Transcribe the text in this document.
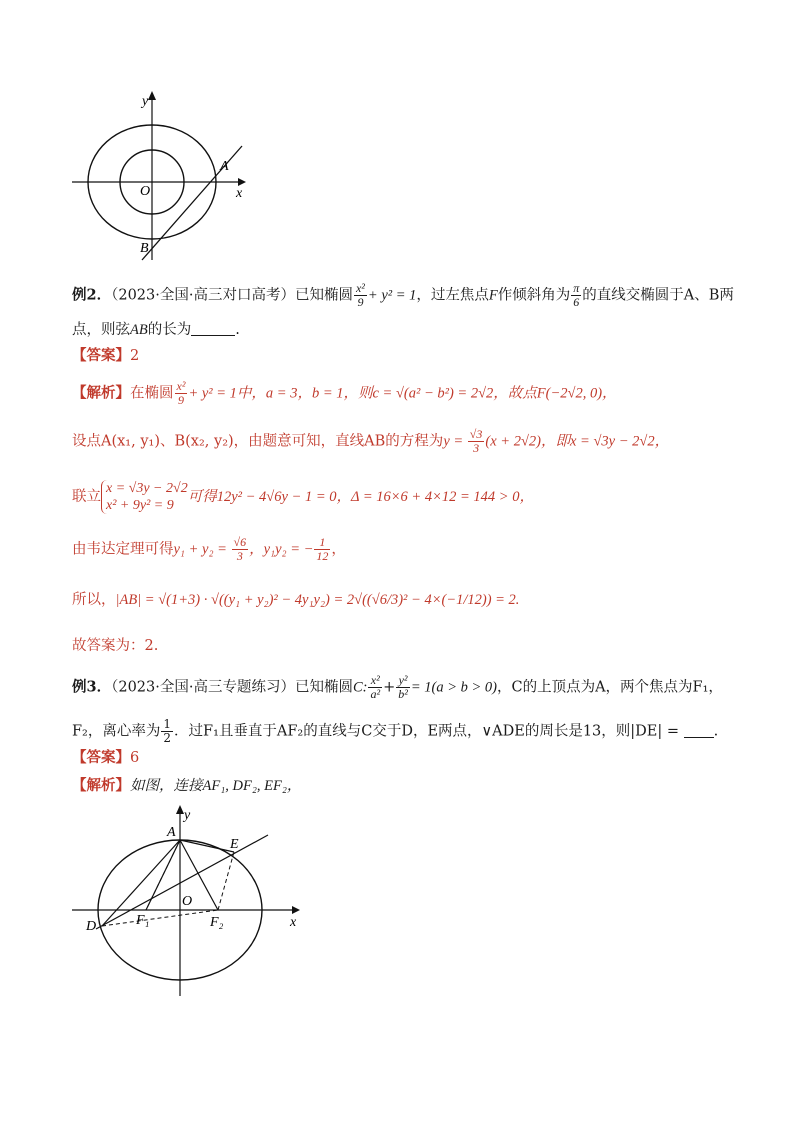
y
O	x
A
B
例2．（2023·全国·高三对口高考）已知椭圆 $\frac{\text{x²}}{9} + y^2 = 1$，过左焦点F作倾斜角为 $\frac{\pi}{6}$ 的直线交椭圆于A、B两
点，则弦AB的长为	.
【答案】2
【解析】在椭圆 $\frac{\text{x²}}{9} + y^2 = 1$中，a = 3，b = 1，则c = √(a² − b²) = 2√2，故点F(−2√2, 0)，
设点A(x₁, y₁)、B(x₂, y₂)，由题意可知，直线AB的方程为$y = \frac{√3}{3} (x + 2√2)$，即x = √3y − 2√2，
联立
x = √3y − 2√2
x² + 9y² = 9
可得12y² − 4√6y − 1 = 0，Δ = 16×6 + 4×12 = 144 > 0，
由韦达定理可得$y_1 + y_2 = \frac{√6}{3}$ ，y₁y₂ = − $\frac{1}{12}$ ，
所以，|AB| = √(1+3) · √((y₁ + y₂)² − 4y₁y₂) = 2√((√6/3)² − 4×(−1/12)) = 2.
故答案为：2.
例3．（2023·全国·高三专题练习）已知椭圆C: $\frac{\text{x²}}{\text{a²}} + \frac{\text{y²}}{\text{b²}} = 1(a > b > 0)$，C的上顶点为A，两个焦点为F₁，
F₂，离心率为 $\frac{1}{2}$ ．过F₁且垂直于AF₂的直线与C交于D，E两点，∨ADE的周长是13，则|DE| = .
【答案】6
【解析】如图，连接AF₁, DF₂, EF₂，
y
A
E
O
D	F₁	F₂	x
